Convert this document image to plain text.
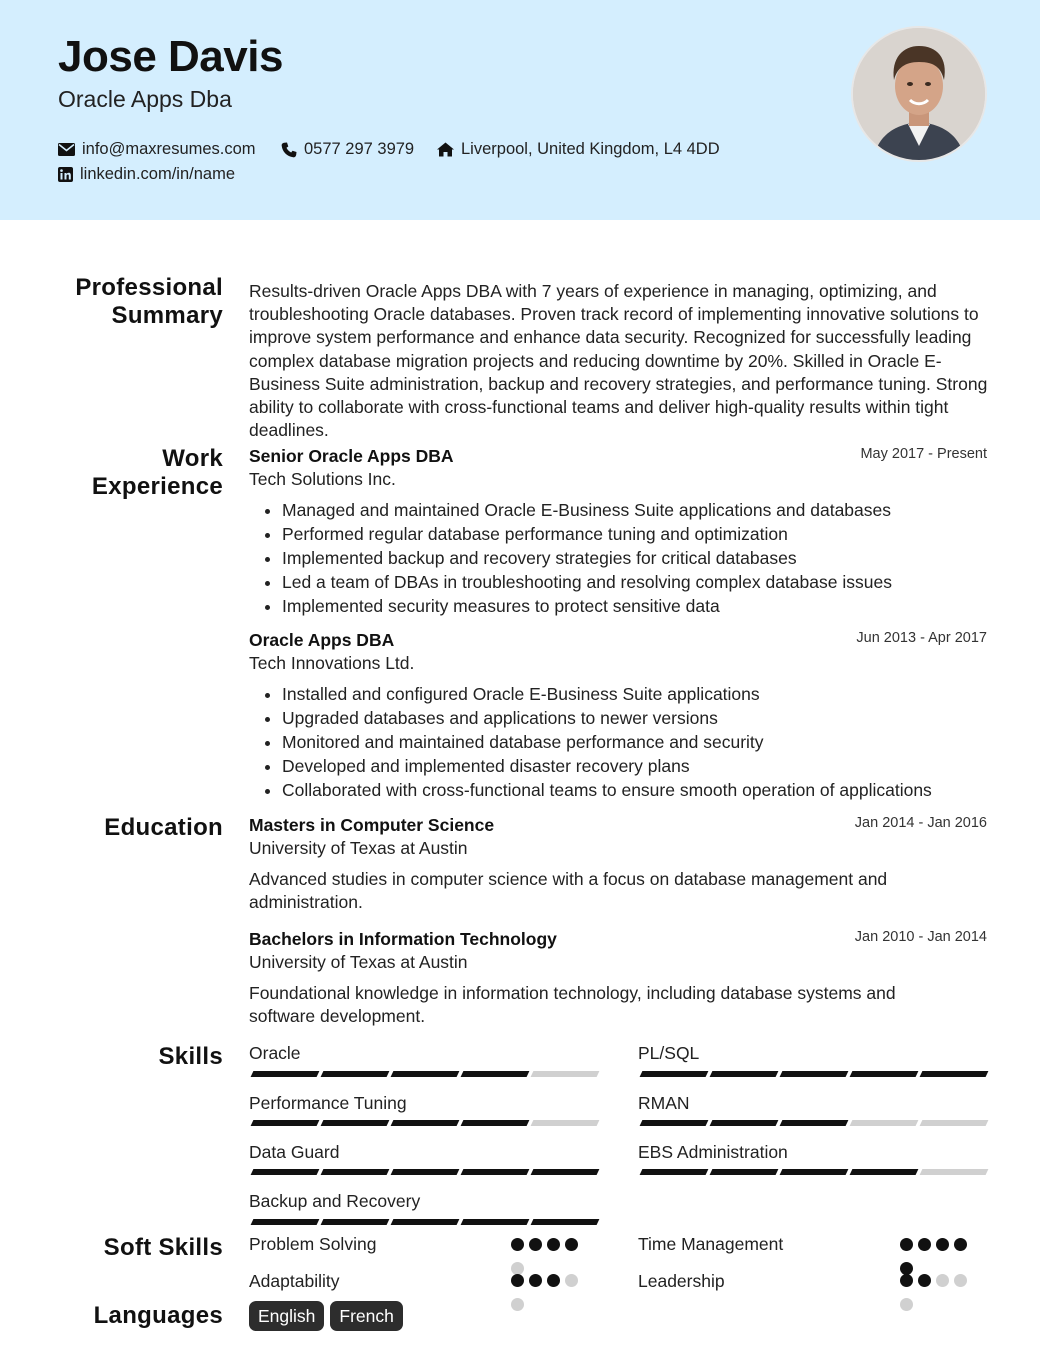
Jose Davis
Oracle Apps Dba
info@maxresumes.com	0577 297 3979	Liverpool, United Kingdom, L4 4DD
linkedin.com/in/name
Professional
Summary

Results-driven Oracle Apps DBA with 7 years of experience in managing, optimizing, and troubleshooting Oracle databases. Proven track record of implementing innovative solutions to improve system performance and enhance data security. Recognized for successfully leading complex database migration projects and reducing downtime by 20%. Skilled in Oracle E-Business Suite administration, backup and recovery strategies, and performance tuning. Strong ability to collaborate with cross-functional teams and deliver high-quality results within tight deadlines.

Work
Experience
Senior Oracle Apps DBA	May 2017 - Present
Tech Solutions Inc.
• Managed and maintained Oracle E-Business Suite applications and databases
• Performed regular database performance tuning and optimization
• Implemented backup and recovery strategies for critical databases
• Led a team of DBAs in troubleshooting and resolving complex database issues
• Implemented security measures to protect sensitive data
Oracle Apps DBA	Jun 2013 - Apr 2017
Tech Innovations Ltd.
• Installed and configured Oracle E-Business Suite applications
• Upgraded databases and applications to newer versions
• Monitored and maintained database performance and security
• Developed and implemented disaster recovery plans
• Collaborated with cross-functional teams to ensure smooth operation of applications
Education Masters in Computer Science	Jan 2014 - Jan 2016
University of Texas at Austin

Advanced studies in computer science with a focus on database management and administration.

Bachelors in Information Technology	Jan 2010 - Jan 2014
University of Texas at Austin

Foundational knowledge in information technology, including database systems and software development.

Skills Oracle	PL/SQL
Performance Tuning	RMAN
Data Guard	EBS Administration
Backup and Recovery
Soft Skills Problem Solving	Time Management
Adaptability	Leadership
Languages	English	French
